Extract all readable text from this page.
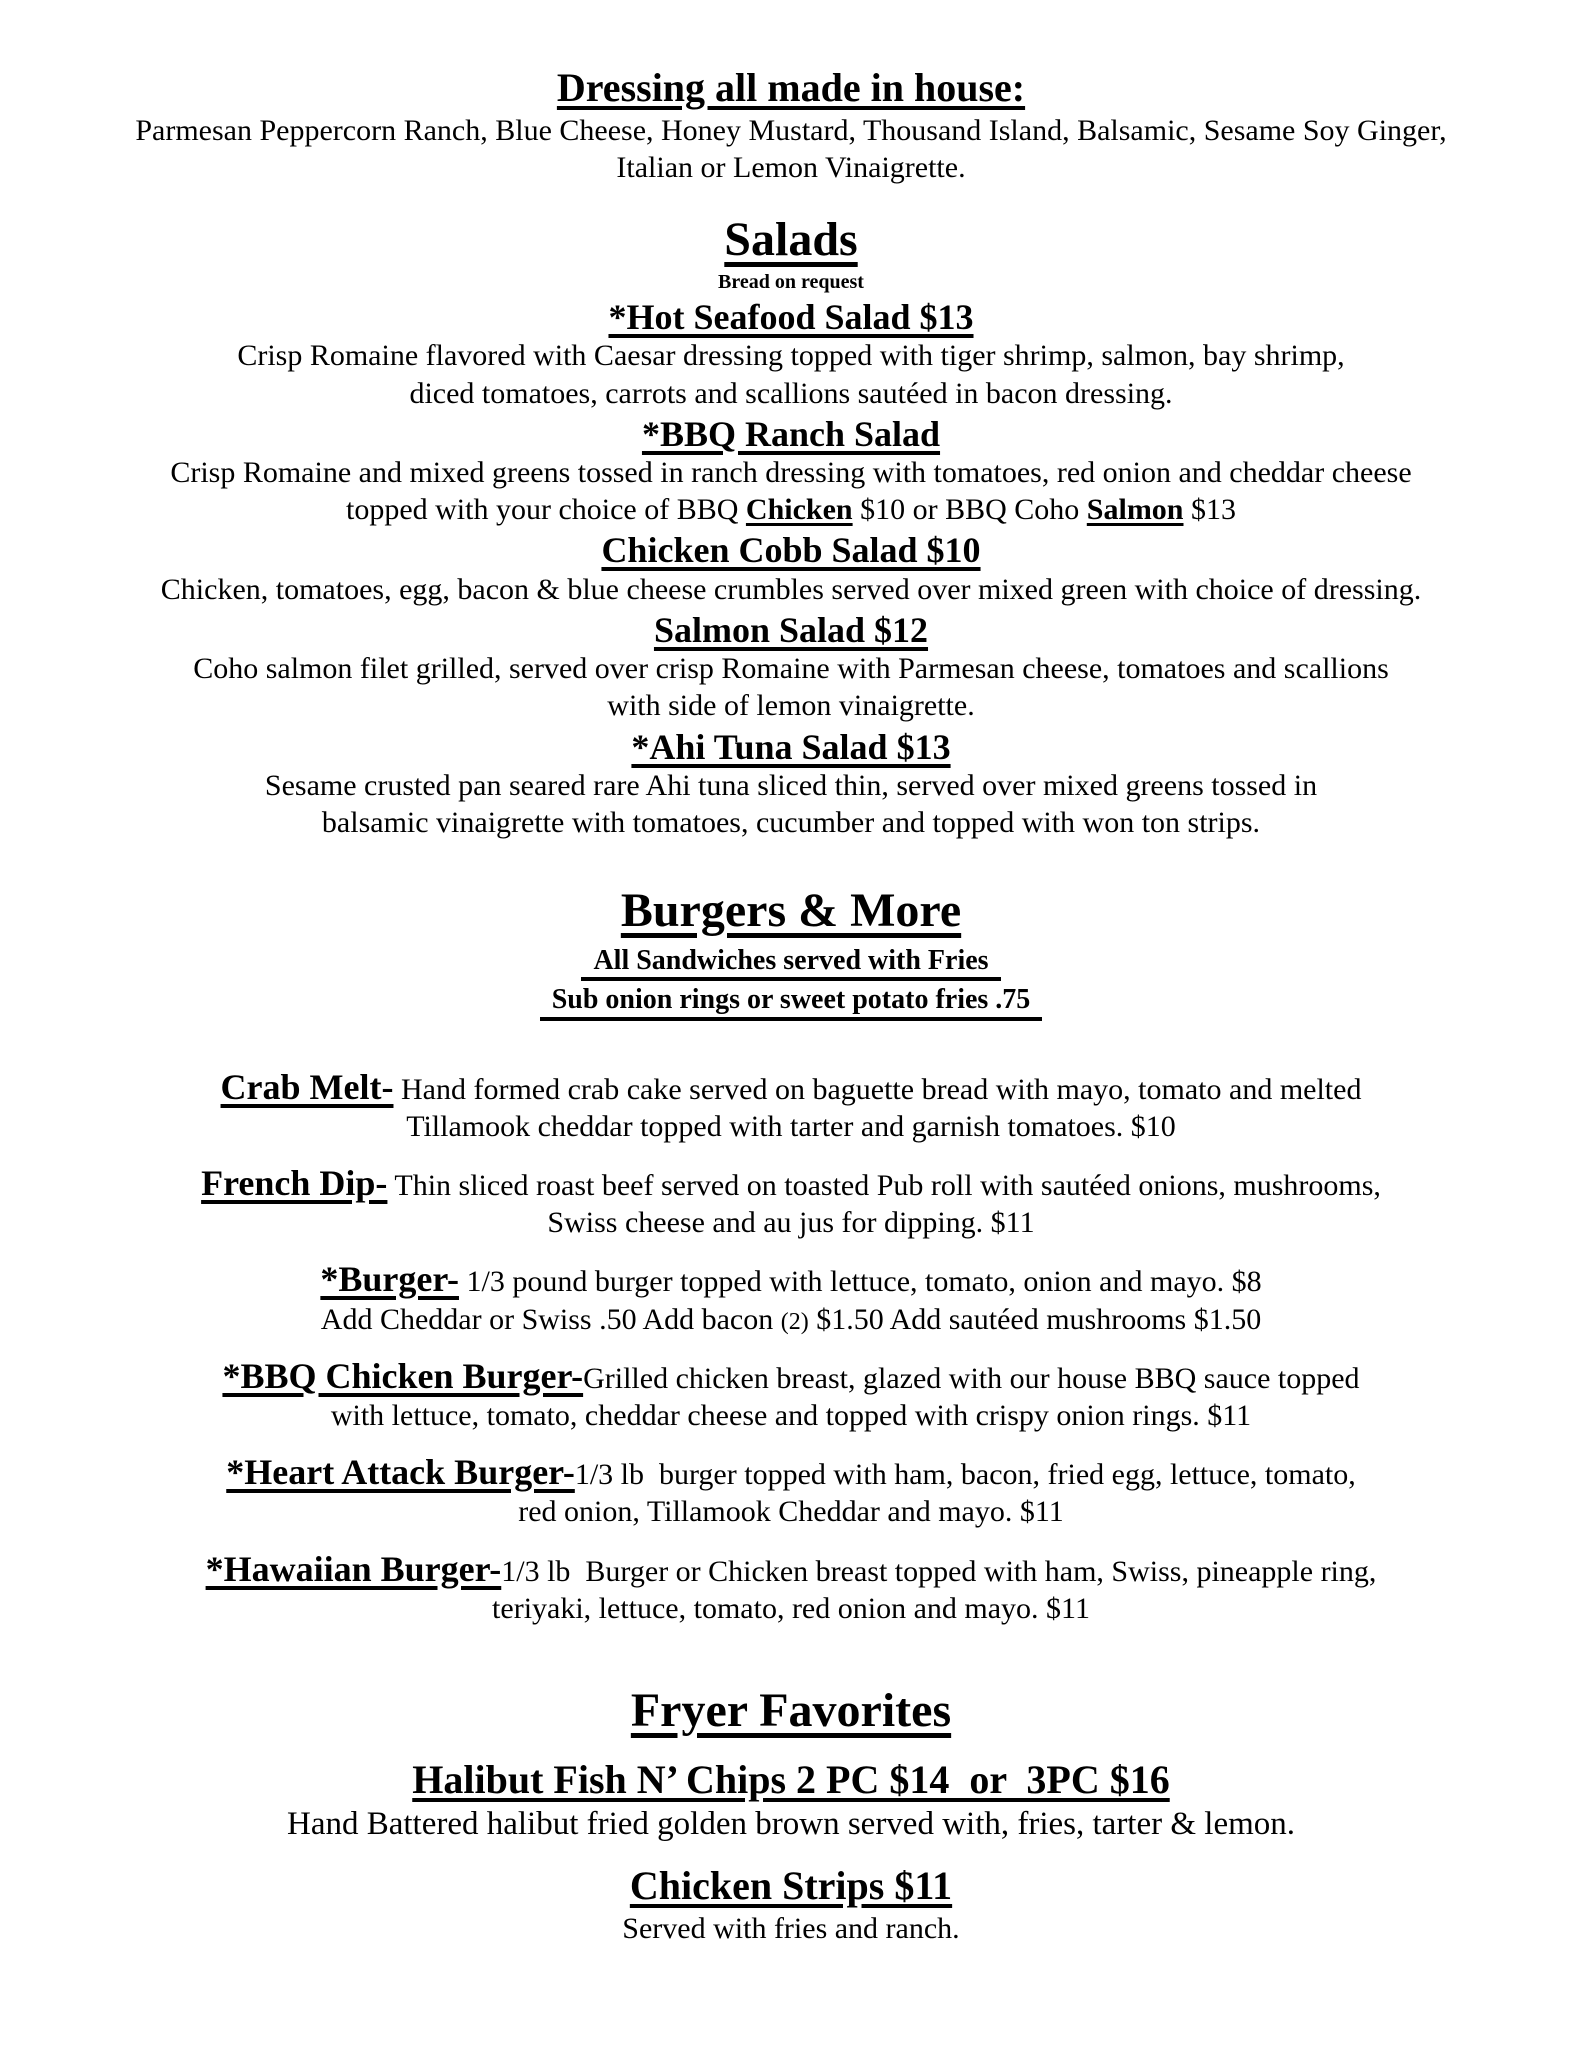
Dressing all made in house:
Parmesan Peppercorn Ranch, Blue Cheese, Honey Mustard, Thousand Island, Balsamic, Sesame Soy Ginger,
Italian or Lemon Vinaigrette.
Salads
Bread on request
*Hot Seafood Salad $13
Crisp Romaine flavored with Caesar dressing topped with tiger shrimp, salmon, bay shrimp,
diced tomatoes, carrots and scallions sautéed in bacon dressing.
*BBQ Ranch Salad
Crisp Romaine and mixed greens tossed in ranch dressing with tomatoes, red onion and cheddar cheese
topped with your choice of BBQ Chicken $10 or BBQ Coho Salmon $13
Chicken Cobb Salad $10
Chicken, tomatoes, egg, bacon & blue cheese crumbles served over mixed green with choice of dressing.
Salmon Salad $12
Coho salmon filet grilled, served over crisp Romaine with Parmesan cheese, tomatoes and scallions
with side of lemon vinaigrette.
*Ahi Tuna Salad $13
Sesame crusted pan seared rare Ahi tuna sliced thin, served over mixed greens tossed in
balsamic vinaigrette with tomatoes, cucumber and topped with won ton strips.
Burgers & More
All Sandwiches served with Fries
Sub onion rings or sweet potato fries .75
Crab Melt- Hand formed crab cake served on baguette bread with mayo, tomato and melted
Tillamook cheddar topped with tarter and garnish tomatoes. $10
French Dip- Thin sliced roast beef served on toasted Pub roll with sautéed onions, mushrooms,
Swiss cheese and au jus for dipping. $11
*Burger- 1/3 pound burger topped with lettuce, tomato, onion and mayo. $8
Add Cheddar or Swiss .50 Add bacon (2) $1.50 Add sautéed mushrooms $1.50
*BBQ Chicken Burger-Grilled chicken breast, glazed with our house BBQ sauce topped
with lettuce, tomato, cheddar cheese and topped with crispy onion rings. $11
*Heart Attack Burger-1/3 lb  burger topped with ham, bacon, fried egg, lettuce, tomato,
red onion, Tillamook Cheddar and mayo. $11
*Hawaiian Burger-1/3 lb  Burger or Chicken breast topped with ham, Swiss, pineapple ring,
teriyaki, lettuce, tomato, red onion and mayo. $11
Fryer Favorites
Halibut Fish N’ Chips 2 PC $14  or  3PC $16
Hand Battered halibut fried golden brown served with, fries, tarter & lemon.
Chicken Strips $11
Served with fries and ranch.
